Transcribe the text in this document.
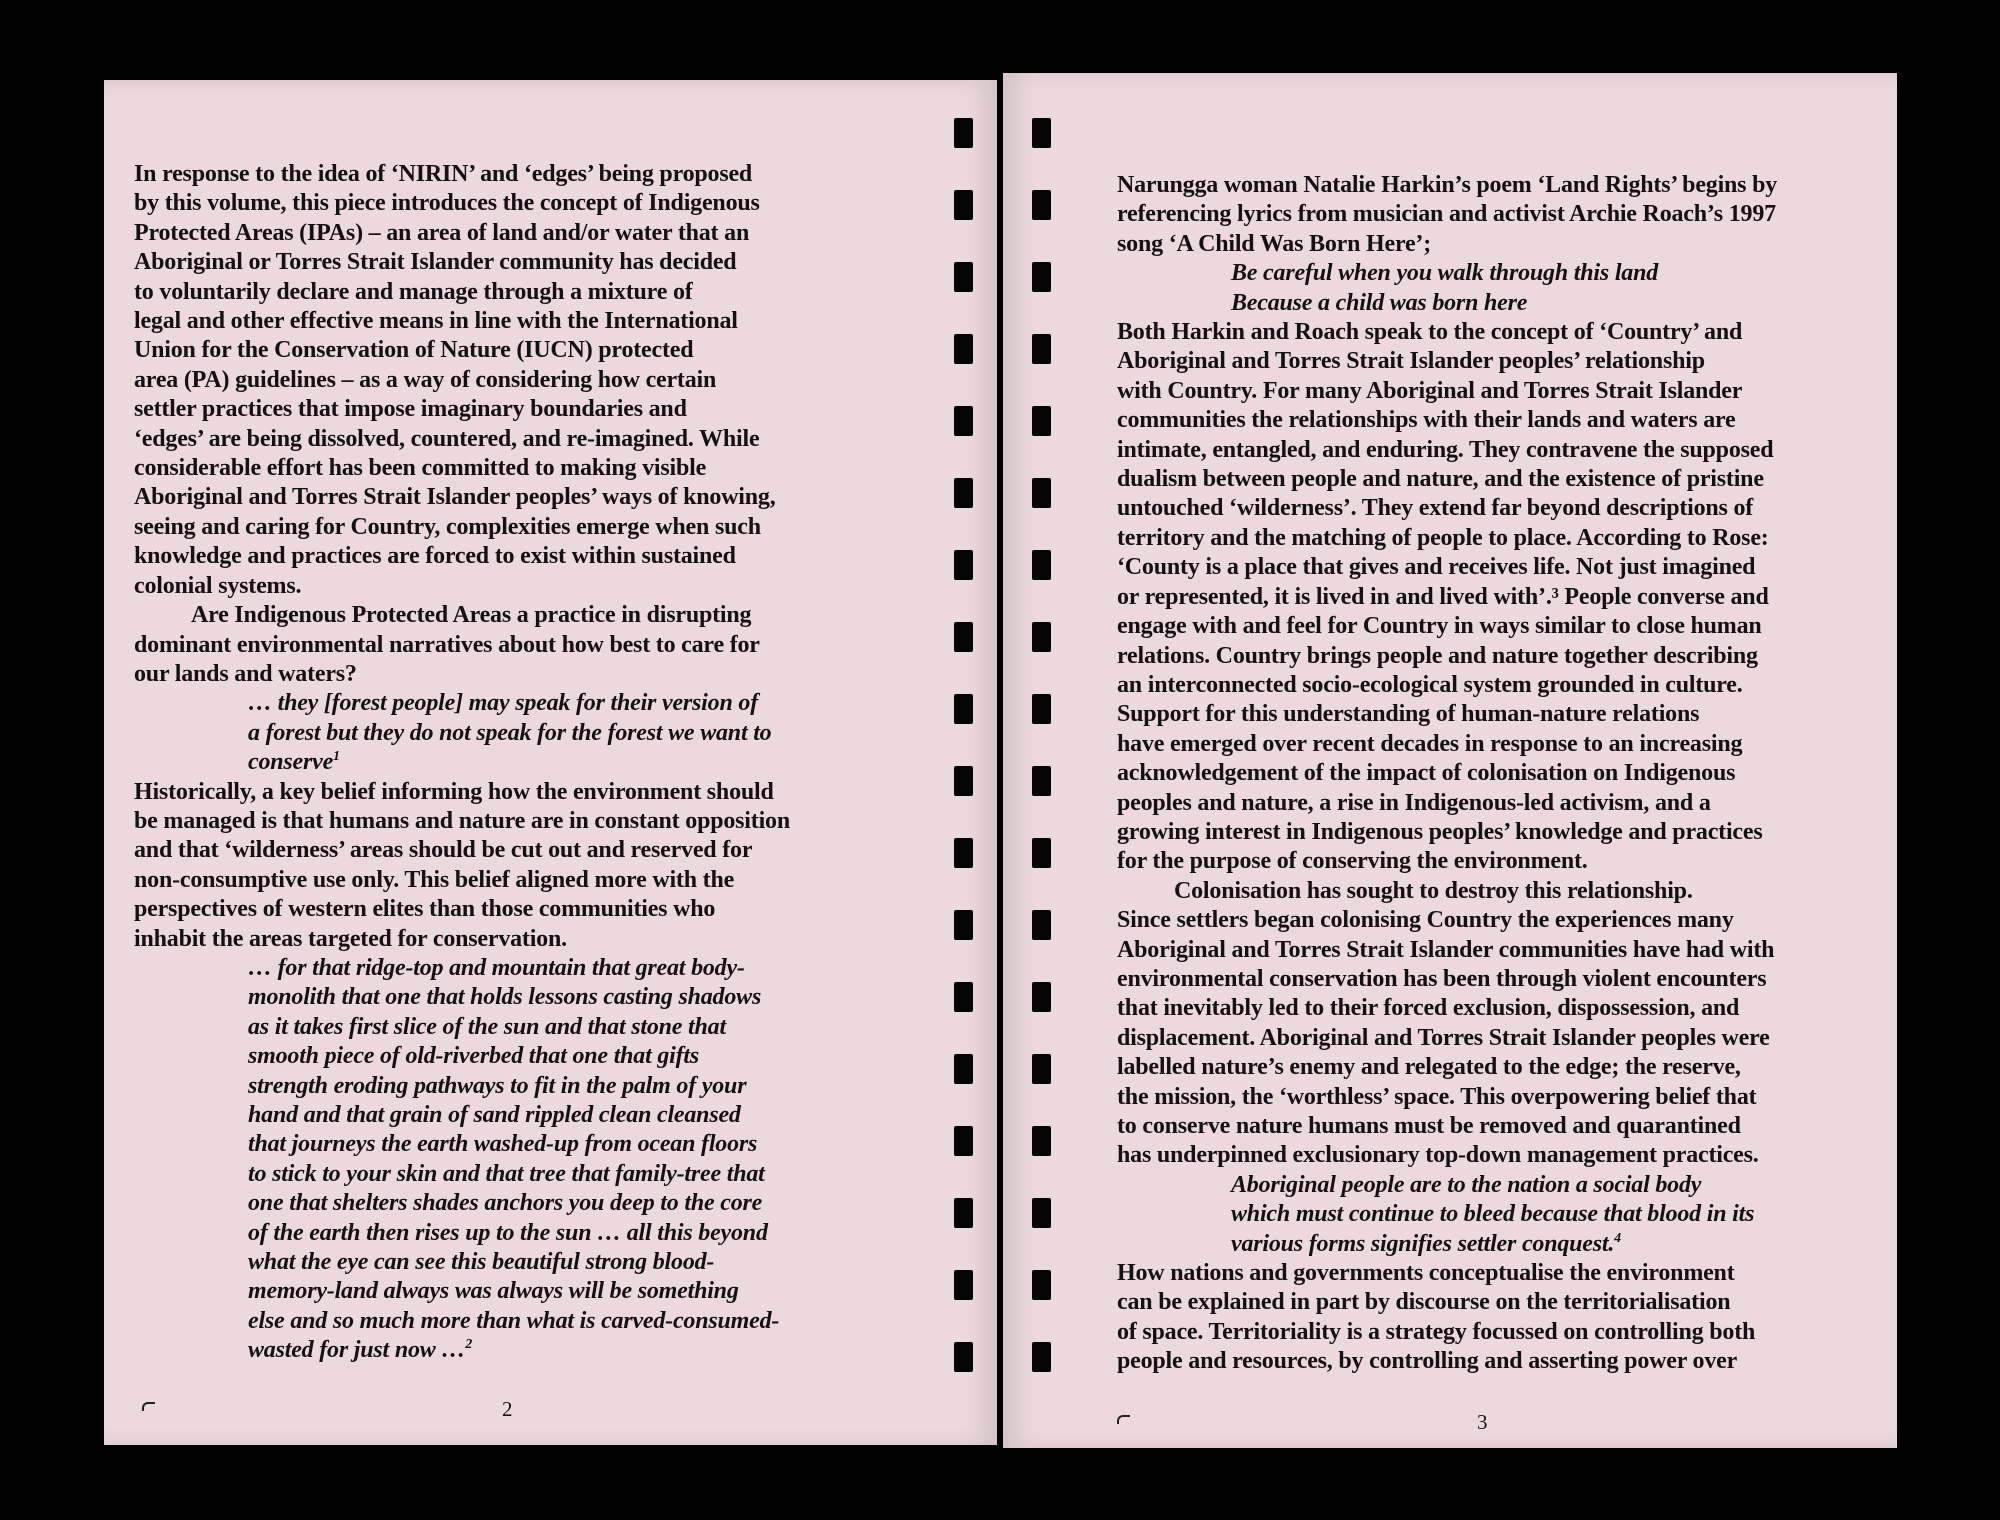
In response to the idea of ‘NIRIN’ and ‘edges’ being proposed
by this volume, this piece introduces the concept of Indigenous
Protected Areas (IPAs) – an area of land and/or water that an
Aboriginal or Torres Strait Islander community has decided
to voluntarily declare and manage through a mixture of
legal and other effective means in line with the International
Union for the Conservation of Nature (IUCN) protected
area (PA) guidelines – as a way of considering how certain
settler practices that impose imaginary boundaries and
‘edges’ are being dissolved, countered, and re-imagined. While
considerable effort has been committed to making visible
Aboriginal and Torres Strait Islander peoples’ ways of knowing,
seeing and caring for Country, complexities emerge when such
knowledge and practices are forced to exist within sustained
colonial systems.

Are Indigenous Protected Areas a practice in disrupting
dominant environmental narratives about how best to care for
our lands and waters?

… they [forest people] may speak for their version of
a forest but they do not speak for the forest we want to
conserve$^1$

Historically, a key belief informing how the environment should
be managed is that humans and nature are in constant opposition
and that ‘wilderness’ areas should be cut out and reserved for
non-consumptive use only. This belief aligned more with the
perspectives of western elites than those communities who
inhabit the areas targeted for conservation.

… for that ridge-top and mountain that great body-
monolith that one that holds lessons casting shadows
as it takes first slice of the sun and that stone that
smooth piece of old-riverbed that one that gifts
strength eroding pathways to fit in the palm of your
hand and that grain of sand rippled clean cleansed
that journeys the earth washed-up from ocean floors
to stick to your skin and that tree that family-tree that
one that shelters shades anchors you deep to the core
of the earth then rises up to the sun … all this beyond
what the eye can see this beautiful strong blood-
memory-land always was always will be something
else and so much more than what is carved-consumed-
wasted for just now …$^2$

2

Narungga woman Natalie Harkin’s poem ‘Land Rights’ begins by
referencing lyrics from musician and activist Archie Roach’s 1997
song ‘A Child Was Born Here’;

Be careful when you walk through this land
Because a child was born here

Both Harkin and Roach speak to the concept of ‘Country’ and
Aboriginal and Torres Strait Islander peoples’ relationship
with Country. For many Aboriginal and Torres Strait Islander
communities the relationships with their lands and waters are
intimate, entangled, and enduring. They contravene the supposed
dualism between people and nature, and the existence of pristine
untouched ‘wilderness’. They extend far beyond descriptions of
territory and the matching of people to place. According to Rose:
‘County is a place that gives and receives life. Not just imagined
or represented, it is lived in and lived with’.³ People converse and
engage with and feel for Country in ways similar to close human
relations. Country brings people and nature together describing
an interconnected socio-ecological system grounded in culture.
Support for this understanding of human-nature relations
have emerged over recent decades in response to an increasing
acknowledgement of the impact of colonisation on Indigenous
peoples and nature, a rise in Indigenous-led activism, and a
growing interest in Indigenous peoples’ knowledge and practices
for the purpose of conserving the environment.

Colonisation has sought to destroy this relationship.
Since settlers began colonising Country the experiences many
Aboriginal and Torres Strait Islander communities have had with
environmental conservation has been through violent encounters
that inevitably led to their forced exclusion, dispossession, and
displacement. Aboriginal and Torres Strait Islander peoples were
labelled nature’s enemy and relegated to the edge; the reserve,
the mission, the ‘worthless’ space. This overpowering belief that
to conserve nature humans must be removed and quarantined
has underpinned exclusionary top-down management practices.

Aboriginal people are to the nation a social body
which must continue to bleed because that blood in its
various forms signifies settler conquest.$^4$

How nations and governments conceptualise the environment
can be explained in part by discourse on the territorialisation
of space. Territoriality is a strategy focussed on controlling both
people and resources, by controlling and asserting power over

3
